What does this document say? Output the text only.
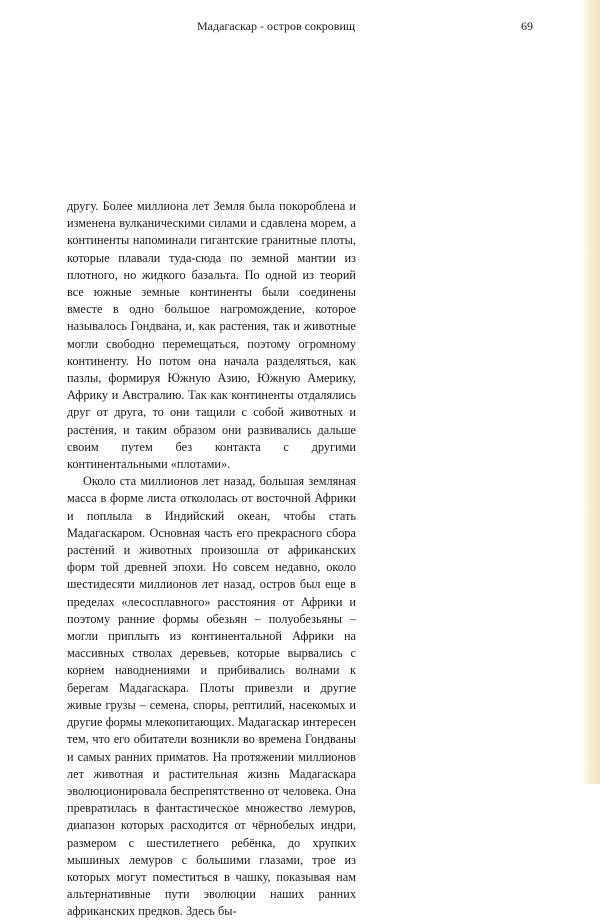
Мадагаскар - остров сокровищ	69

другу. Более миллиона лет Земля была покороблена и изменена вулканическими силами и сдавлена морем, а континенты напоминали гигантские гранитные плоты, которые плавали туда-сюда по земной мантии из плотного, но жидкого базальта. По одной из теорий все южные земные континенты были соединены вместе в одно большое нагромождение, которое называлось Гондвана, и, как растения, так и животные могли свободно перемещаться, поэтому огромному континенту. Но потом она начала разделяться, как пазлы, формируя Южную Азию, Южную Америку, Африку и Австралию. Так как континенты отдалялись друг от друга, то они тащили с собой животных и растения, и таким образом они развивались дальше своим путем без контакта с другими континентальными «плотами».

Около ста миллионов лет назад, большая земляная масса в форме листа откололась от восточной Африки и поплыла в Индийский океан, чтобы стать Мадагаскаром. Основная часть его прекрасного сбора растений и животных произошла от африканских форм той древней эпохи. Но совсем недавно, около шестидесяти миллионов лет назад, остров был еще в пределах «лесосплавного» расстояния от Африки и поэтому ранние формы обезьян – полуобезьяны – могли приплыть из континентальной Африки на массивных стволах деревьев, которые вырвались с корнем наводнениями и прибивались волнами к берегам Мадагаскара. Плоты привезли и другие живые грузы – семена, споры, рептилий, насекомых и другие формы млекопитающих. Мадагаскар интересен тем, что его обитатели возникли во времена Гондваны и самых ранних приматов. На протяжении миллионов лет животная и растительная жизнь Мадагаскара эволюционировала беспрепятственно от человека. Она превратилась в фантастическое множество лемуров, диапазон которых расходится от чёрнобелых индри, размером с шестилетнего ребёнка, до хрупких мышиных лемуров с большими глазами, трое из которых могут поместиться в чашку, показывая нам альтернативные пути эволюции наших ранних африканских предков. Здесь бы-
